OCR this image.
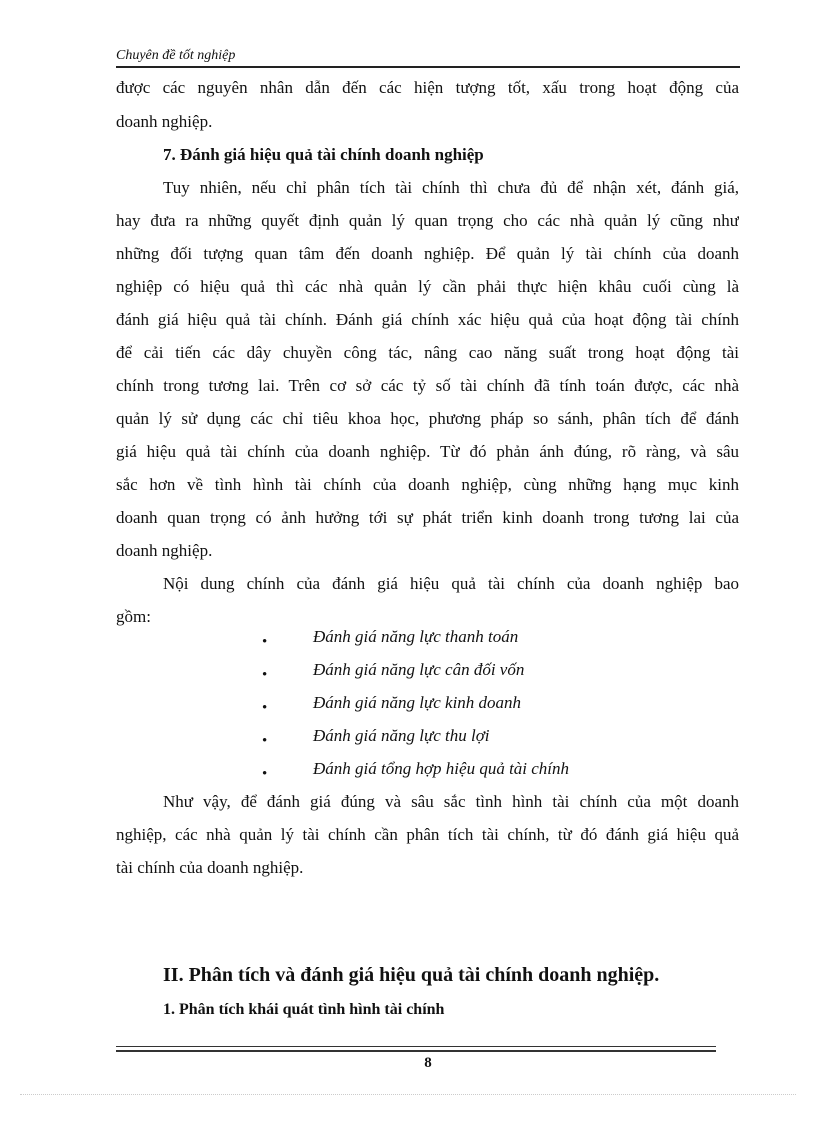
Chuyên đề tốt nghiệp
được các nguyên nhân dẫn đến các hiện tượng tốt, xấu trong hoạt động của
doanh nghiệp.
7. Đánh giá hiệu quả tài chính doanh nghiệp
Tuy nhiên, nếu chỉ phân tích tài chính thì chưa đủ để nhận xét, đánh giá,
hay đưa ra những quyết định quản lý quan trọng cho các nhà quản lý cũng như
những đối tượng quan tâm đến doanh nghiệp. Để quản lý tài chính của doanh
nghiệp có hiệu quả thì các nhà quản lý cần phải thực hiện khâu cuối cùng là
đánh giá hiệu quả tài chính. Đánh giá chính xác hiệu quả của hoạt động tài chính
để cải tiến các dây chuyền công tác, nâng cao năng suất trong hoạt động tài
chính trong tương lai. Trên cơ sở các tỷ số tài chính đã tính toán được, các nhà
quản lý sử dụng các chỉ tiêu khoa học, phương pháp so sánh, phân tích để đánh
giá hiệu quả tài chính của doanh nghiệp. Từ đó phản ánh đúng, rõ ràng, và sâu
sắc hơn về tình hình tài chính của doanh nghiệp, cùng những hạng mục kinh
doanh quan trọng có ảnh hưởng tới sự phát triển kinh doanh trong tương lai của
doanh nghiệp.
Nội dung chính của đánh giá hiệu quả tài chính của doanh nghiệp bao
gồm:
•	Đánh giá năng lực thanh toán
•	Đánh giá năng lực cân đối vốn
•	Đánh giá năng lực kinh doanh
•	Đánh giá năng lực thu lợi
•	Đánh giá tổng hợp hiệu quả tài chính
Như vậy, để đánh giá đúng và sâu sắc tình hình tài chính của một doanh
nghiệp, các nhà quản lý tài chính cần phân tích tài chính, từ đó đánh giá hiệu quả
tài chính của doanh nghiệp.
II. Phân tích và đánh giá hiệu quả tài chính doanh nghiệp.
1. Phân tích khái quát tình hình tài chính
8
